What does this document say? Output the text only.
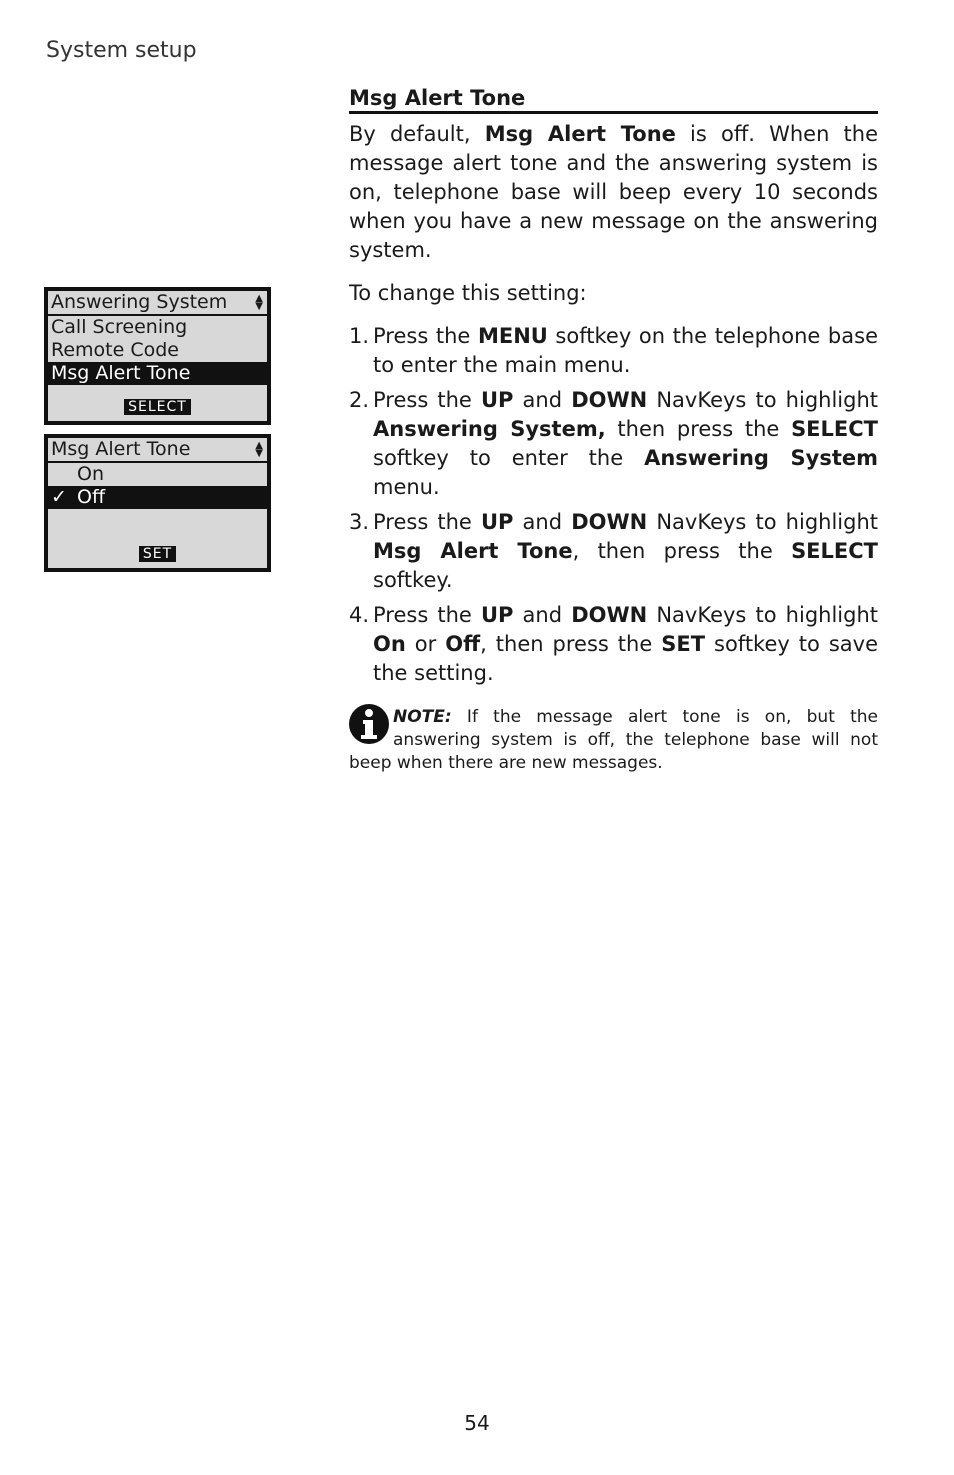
System setup
Answering System	▲
▼
Call Screening
Remote Code
Msg Alert Tone
SELECT
Msg Alert Tone	▲
▼
On
✓ Off
SET
Msg Alert Tone

By default, Msg Alert Tone is off. When the message alert tone and the answering system is on, telephone base will beep every 10 seconds when you have a new message on the answering system.

To change this setting:

1. Press the MENU softkey on the telephone base to enter the main menu.
2. Press the UP and DOWN NavKeys to highlight Answering System, then press the SELECT softkey to enter the Answering System menu.
3. Press the UP and DOWN NavKeys to highlight Msg Alert Tone, then press the SELECT softkey.
4. Press the UP and DOWN NavKeys to highlight On or Off, then press the SET softkey to save the setting.
NOTE: If the message alert tone is on, but the answering system is off, the telephone base will not beep when there are new messages.
54
